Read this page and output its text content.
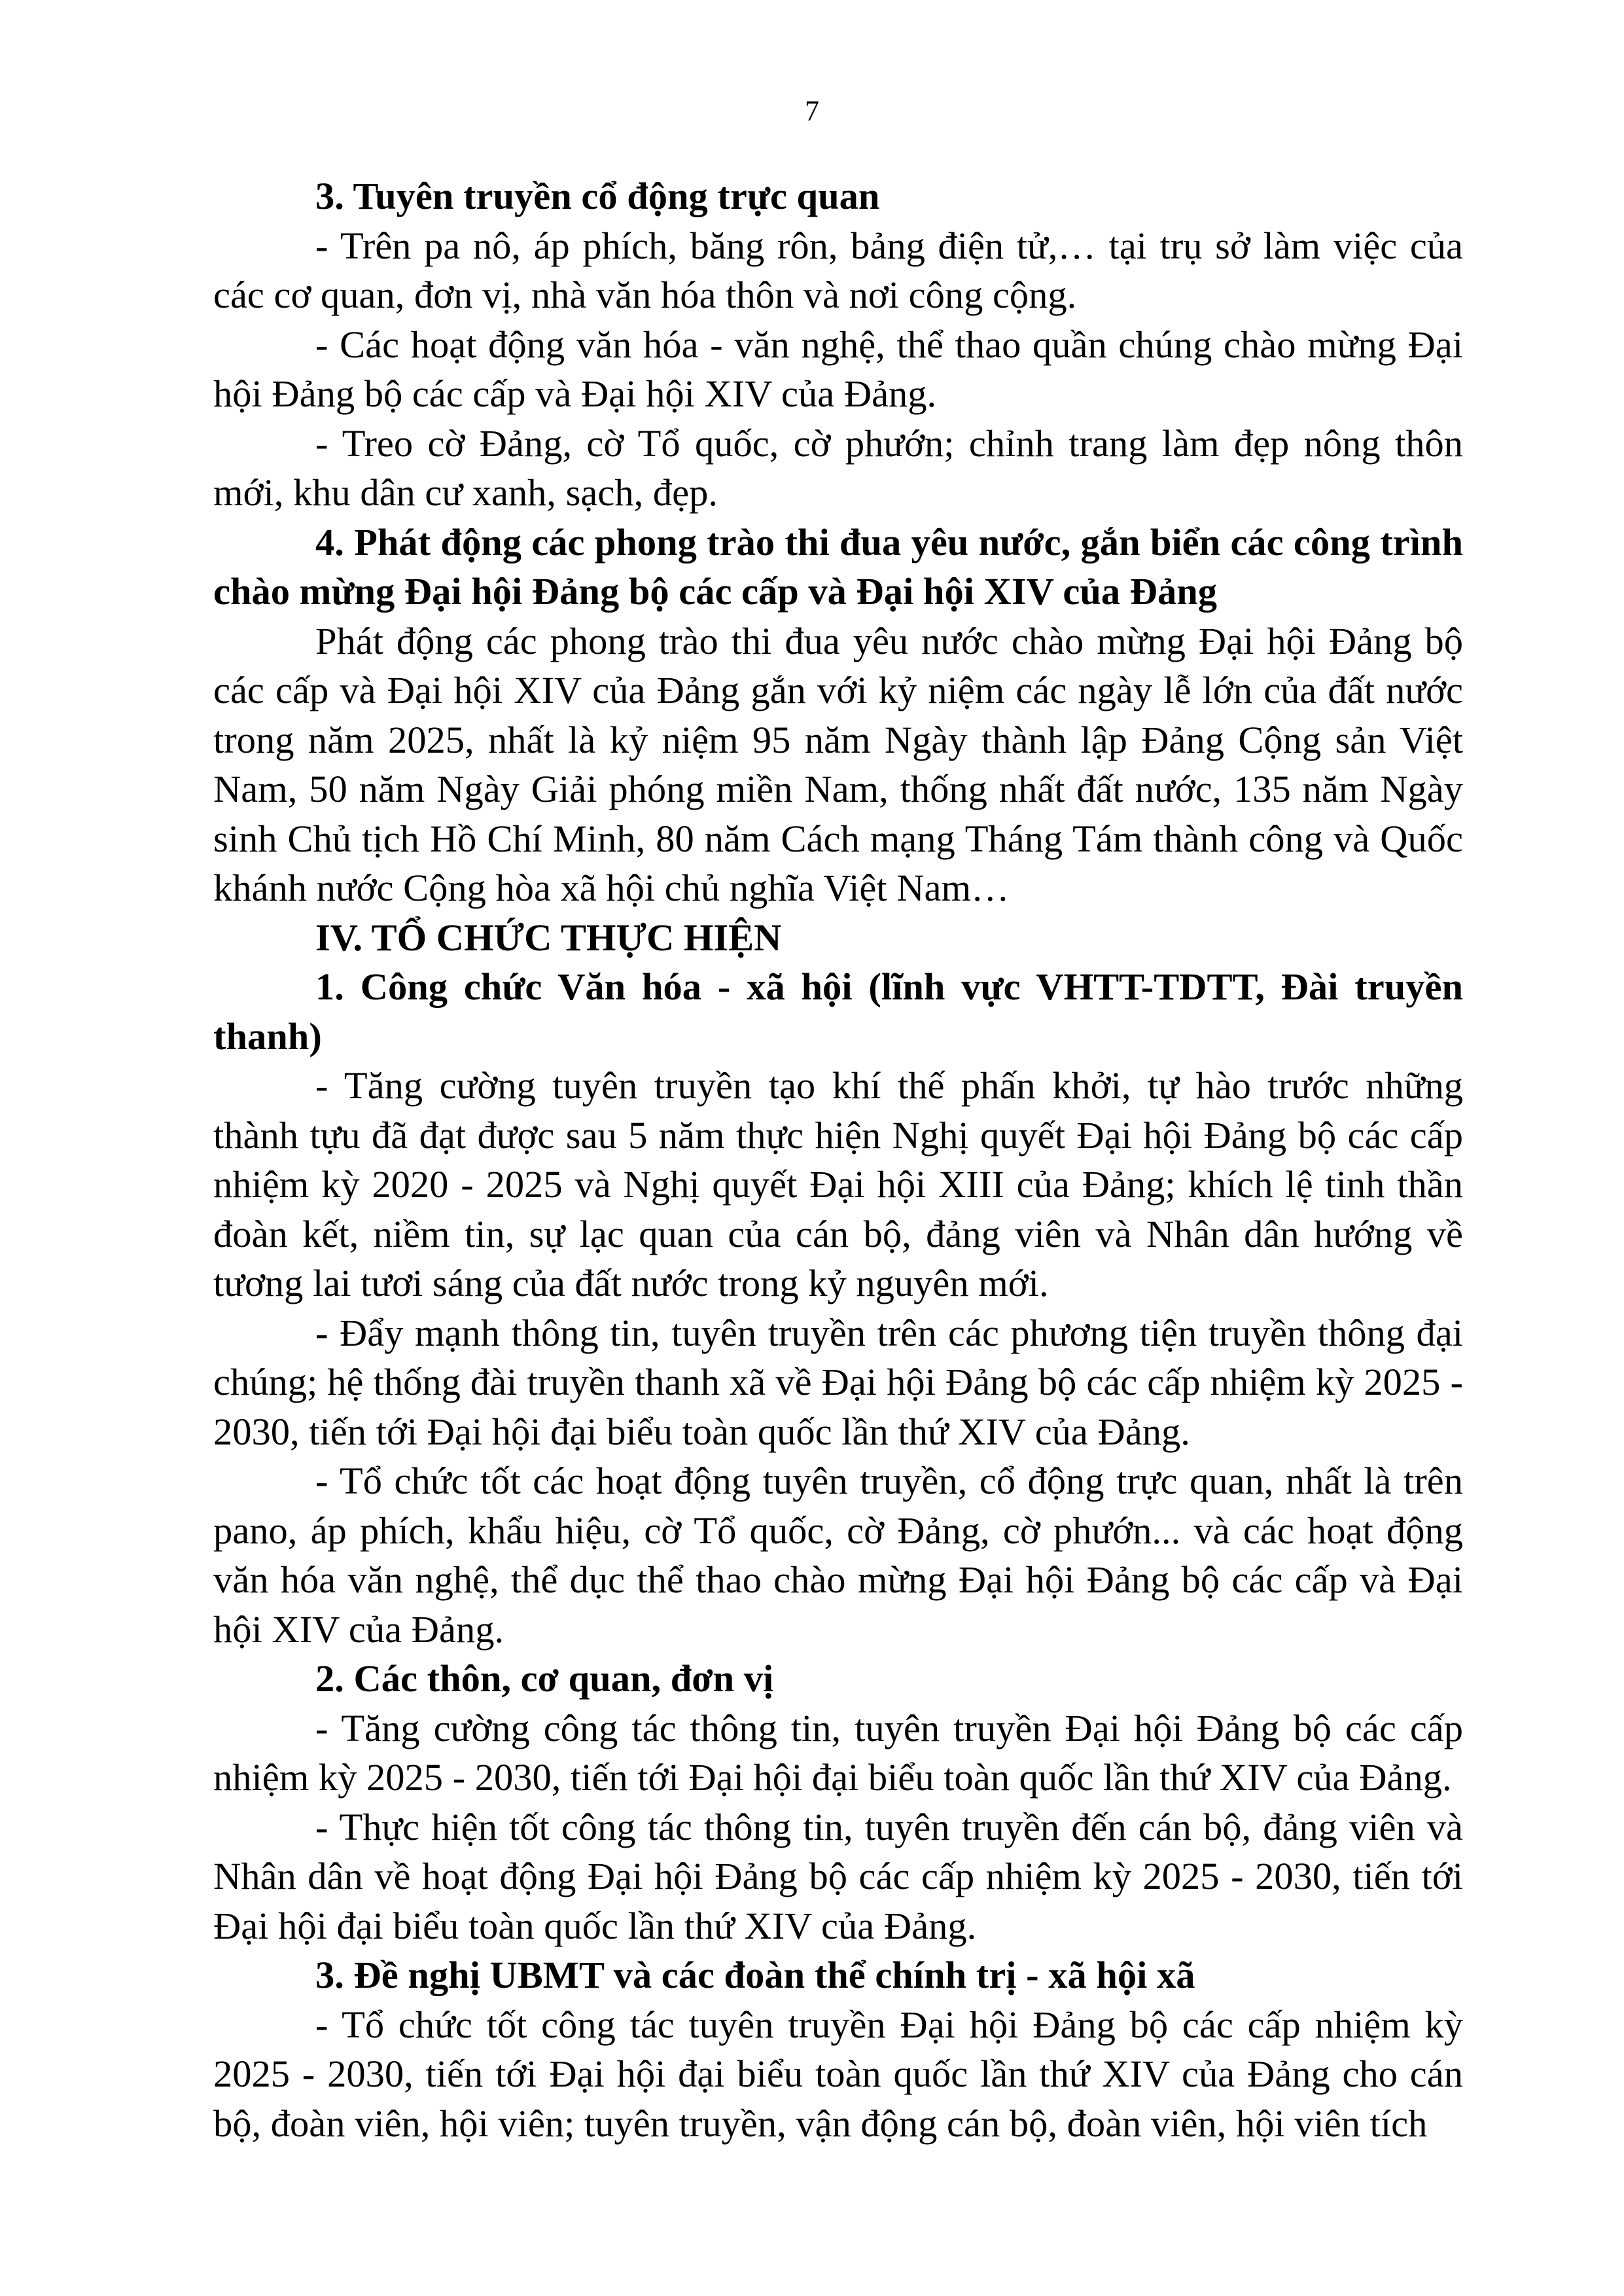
7

3. Tuyên truyền cổ động trực quan

- Trên pa nô, áp phích, băng rôn, bảng điện tử,… tại trụ sở làm việc của các cơ quan, đơn vị, nhà văn hóa thôn và nơi công cộng.

- Các hoạt động văn hóa - văn nghệ, thể thao quần chúng chào mừng Đại hội Đảng bộ các cấp và Đại hội XIV của Đảng.

- Treo cờ Đảng, cờ Tổ quốc, cờ phướn; chỉnh trang làm đẹp nông thôn mới, khu dân cư xanh, sạch, đẹp.

4. Phát động các phong trào thi đua yêu nước, gắn biển các công trình chào mừng Đại hội Đảng bộ các cấp và Đại hội XIV của Đảng

Phát động các phong trào thi đua yêu nước chào mừng Đại hội Đảng bộ các cấp và Đại hội XIV của Đảng gắn với kỷ niệm các ngày lễ lớn của đất nước trong năm 2025, nhất là kỷ niệm 95 năm Ngày thành lập Đảng Cộng sản Việt Nam, 50 năm Ngày Giải phóng miền Nam, thống nhất đất nước, 135 năm Ngày sinh Chủ tịch Hồ Chí Minh, 80 năm Cách mạng Tháng Tám thành công và Quốc khánh nước Cộng hòa xã hội chủ nghĩa Việt Nam…

IV. TỔ CHỨC THỰC HIỆN

1. Công chức Văn hóa - xã hội (lĩnh vực VHTT-TDTT, Đài truyền thanh)

- Tăng cường tuyên truyền tạo khí thế phấn khởi, tự hào trước những thành tựu đã đạt được sau 5 năm thực hiện Nghị quyết Đại hội Đảng bộ các cấp nhiệm kỳ 2020 - 2025 và Nghị quyết Đại hội XIII của Đảng; khích lệ tinh thần đoàn kết, niềm tin, sự lạc quan của cán bộ, đảng viên và Nhân dân hướng về tương lai tươi sáng của đất nước trong kỷ nguyên mới.

- Đẩy mạnh thông tin, tuyên truyền trên các phương tiện truyền thông đại chúng; hệ thống đài truyền thanh xã về Đại hội Đảng bộ các cấp nhiệm kỳ 2025 - 2030, tiến tới Đại hội đại biểu toàn quốc lần thứ XIV của Đảng.

- Tổ chức tốt các hoạt động tuyên truyền, cổ động trực quan, nhất là trên pano, áp phích, khẩu hiệu, cờ Tổ quốc, cờ Đảng, cờ phướn... và các hoạt động văn hóa văn nghệ, thể dục thể thao chào mừng Đại hội Đảng bộ các cấp và Đại hội XIV của Đảng.

2. Các thôn, cơ quan, đơn vị

- Tăng cường công tác thông tin, tuyên truyền Đại hội Đảng bộ các cấp nhiệm kỳ 2025 - 2030, tiến tới Đại hội đại biểu toàn quốc lần thứ XIV của Đảng.

- Thực hiện tốt công tác thông tin, tuyên truyền đến cán bộ, đảng viên và Nhân dân về hoạt động Đại hội Đảng bộ các cấp nhiệm kỳ 2025 - 2030, tiến tới Đại hội đại biểu toàn quốc lần thứ XIV của Đảng.

3. Đề nghị UBMT và các đoàn thể chính trị - xã hội xã

- Tổ chức tốt công tác tuyên truyền Đại hội Đảng bộ các cấp nhiệm kỳ 2025 - 2030, tiến tới Đại hội đại biểu toàn quốc lần thứ XIV của Đảng cho cán bộ, đoàn viên, hội viên; tuyên truyền, vận động cán bộ, đoàn viên, hội viên tích
